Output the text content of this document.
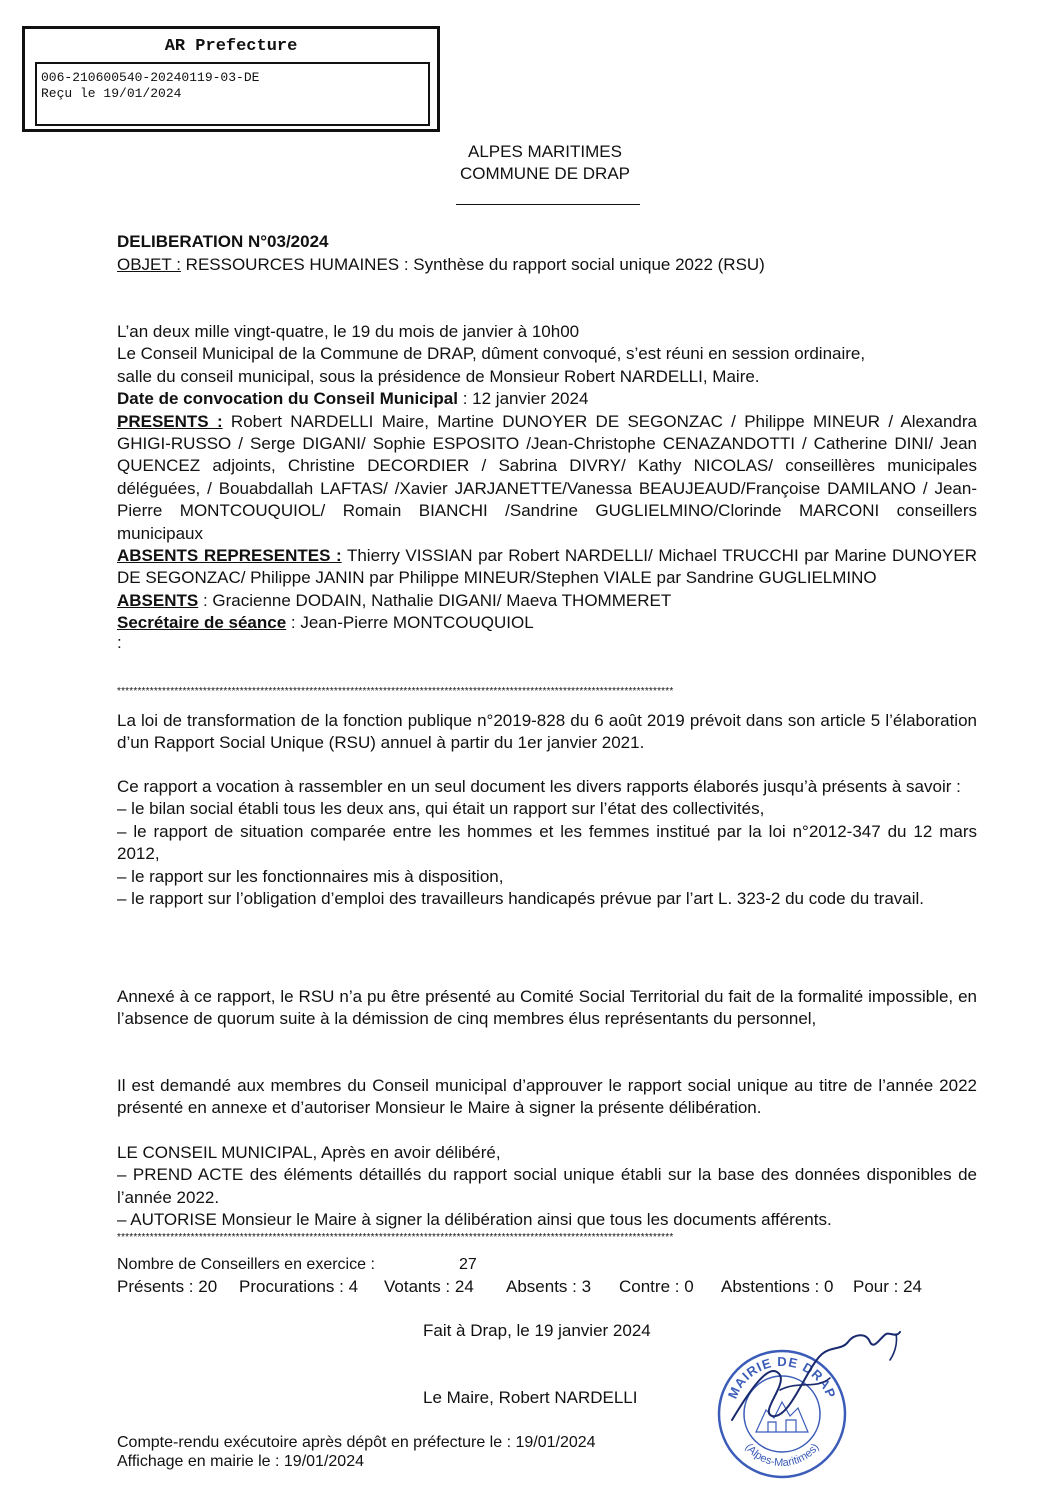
AR Prefecture
006-210600540-20240119-03-DE
Reçu le 19/01/2024
ALPES MARITIMES
COMMUNE DE DRAP
DELIBERATION N°03/2024
OBJET : RESSOURCES HUMAINES : Synthèse du rapport social unique 2022 (RSU)

L’an deux mille vingt-quatre, le 19 du mois de janvier à 10h00

Le Conseil Municipal de la Commune de DRAP, dûment convoqué, s’est réuni en session ordinaire,

salle du conseil municipal, sous la présidence de Monsieur Robert NARDELLI, Maire.

Date de convocation du Conseil Municipal : 12 janvier 2024

PRESENTS : Robert NARDELLI Maire, Martine DUNOYER DE SEGONZAC / Philippe MINEUR / Alexandra GHIGI-RUSSO / Serge DIGANI/ Sophie ESPOSITO /Jean-Christophe CENAZANDOTTI / Catherine DINI/ Jean QUENCEZ adjoints, Christine DECORDIER / Sabrina DIVRY/ Kathy NICOLAS/ conseillères municipales déléguées, / Bouabdallah LAFTAS/ /Xavier JARJANETTE/Vanessa BEAUJEAUD/Françoise DAMILANO / Jean-Pierre MONTCOUQUIOL/ Romain BIANCHI /Sandrine GUGLIELMINO/Clorinde MARCONI conseillers municipaux

ABSENTS REPRESENTES : Thierry VISSIAN par Robert NARDELLI/ Michael TRUCCHI par Marine DUNOYER DE SEGONZAC/ Philippe JANIN par Philippe MINEUR/Stephen VIALE par Sandrine GUGLIELMINO

ABSENTS : Gracienne DODAIN, Nathalie DIGANI/ Maeva THOMMERET

Secrétaire de séance : Jean-Pierre MONTCOUQUIOL

:

****************************************************************************************************************************************
La loi de transformation de la fonction publique n°2019-828 du 6 août 2019 prévoit dans son article 5 l’élaboration d’un Rapport Social Unique (RSU) annuel à partir du 1er janvier 2021.

Ce rapport a vocation à rassembler en un seul document les divers rapports élaborés jusqu’à présents à savoir :

– le bilan social établi tous les deux ans, qui était un rapport sur l’état des collectivités,

– le rapport de situation comparée entre les hommes et les femmes institué par la loi n°2012-347 du 12 mars 2012,

– le rapport sur les fonctionnaires mis à disposition,

– le rapport sur l’obligation d’emploi des travailleurs handicapés prévue par l’art L. 323-2 du code du travail.

Annexé à ce rapport, le RSU n’a pu être présenté au Comité Social Territorial du fait de la formalité impossible, en l’absence de quorum suite à la démission de cinq membres élus représentants du personnel,
Il est demandé aux membres du Conseil municipal d’approuver le rapport social unique au titre de l’année 2022 présenté en annexe et d’autoriser Monsieur le Maire à signer la présente délibération.

LE CONSEIL MUNICIPAL, Après en avoir délibéré,

– PREND ACTE des éléments détaillés du rapport social unique établi sur la base des données disponibles de l’année 2022.

– AUTORISE Monsieur le Maire à signer la délibération ainsi que tous les documents afférents.

****************************************************************************************************************************************
Nombre de Conseillers en exercice :	27
Présents : 20 Procurations : 4 Votants : 24 Absents : 3 Contre : 0 Abstentions : 0 Pour : 24
Fait à Drap, le 19 janvier 2024
Le Maire, Robert NARDELLI
Compte-rendu exécutoire après dépôt en préfecture le : 19/01/2024
Affichage en mairie le : 19/01/2024
MAIRIE DE DRAP
(Alpes-Maritimes)
